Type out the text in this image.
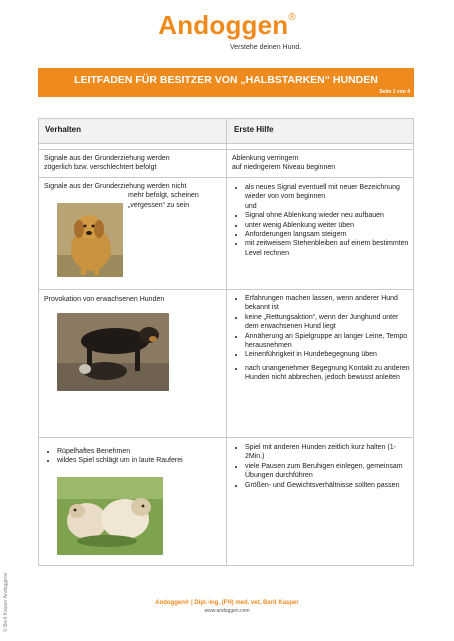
Andoggen®
Verstehe deinen Hund.
LEITFADEN FÜR BESITZER VON „HALBSTARKEN“ HUNDEN
Seite 1 von 4
Verhalten	Erste Hilfe
Signale aus der Grunderziehung werden
zögerlich bzw. verschlechtert befolgt
Ablenkung verringern
auf niedrigerem Niveau beginnen
Signale aus der Grunderziehung werden nicht
mehr befolgt, scheinen
„vergessen“ zu sein
• als neues Signal eventuell mit neuer Bezeichnung wieder von vorn beginnen
und
• Signal ohne Ablenkung wieder neu aufbauen
• unter wenig Ablenkung weiter üben
• Anforderungen langsam steigern
• mit zeitweisem Stehenbleiben auf einem bestimmten Level rechnen
Provokation von erwachsenen Hunden
•	Erfahrungen machen lassen, wenn anderer Hund bekannt ist
• keine „Rettungsaktion“, wenn der Junghund unter dem erwachsenen Hund liegt
• Annäherung an Spielgruppe an langer Leine, Tempo herausnehmen
• Leinenführigkeit in Hundebegegnung üben
• nach unangenehmer Begegnung Kontakt zu anderen Hunden nicht abbrechen, jedoch bewusst anleiten
• Rüpelhaftes Benehmen
• wildes Spiel schlägt um in laute Rauferei
• Spiel mit anderen Hunden zeitlich kurz halten (1-2Min.)
• viele Pausen zum Beruhigen einlegen, gemeinsam Übungen durchführen
• Größen- und Gewichtsverhältnisse sollten passen
Andoggen® | Dipl.-Ing. (FH) med. vet. Berit Kasper
www.andoggen.com
© Berit Kasper Andoggene
